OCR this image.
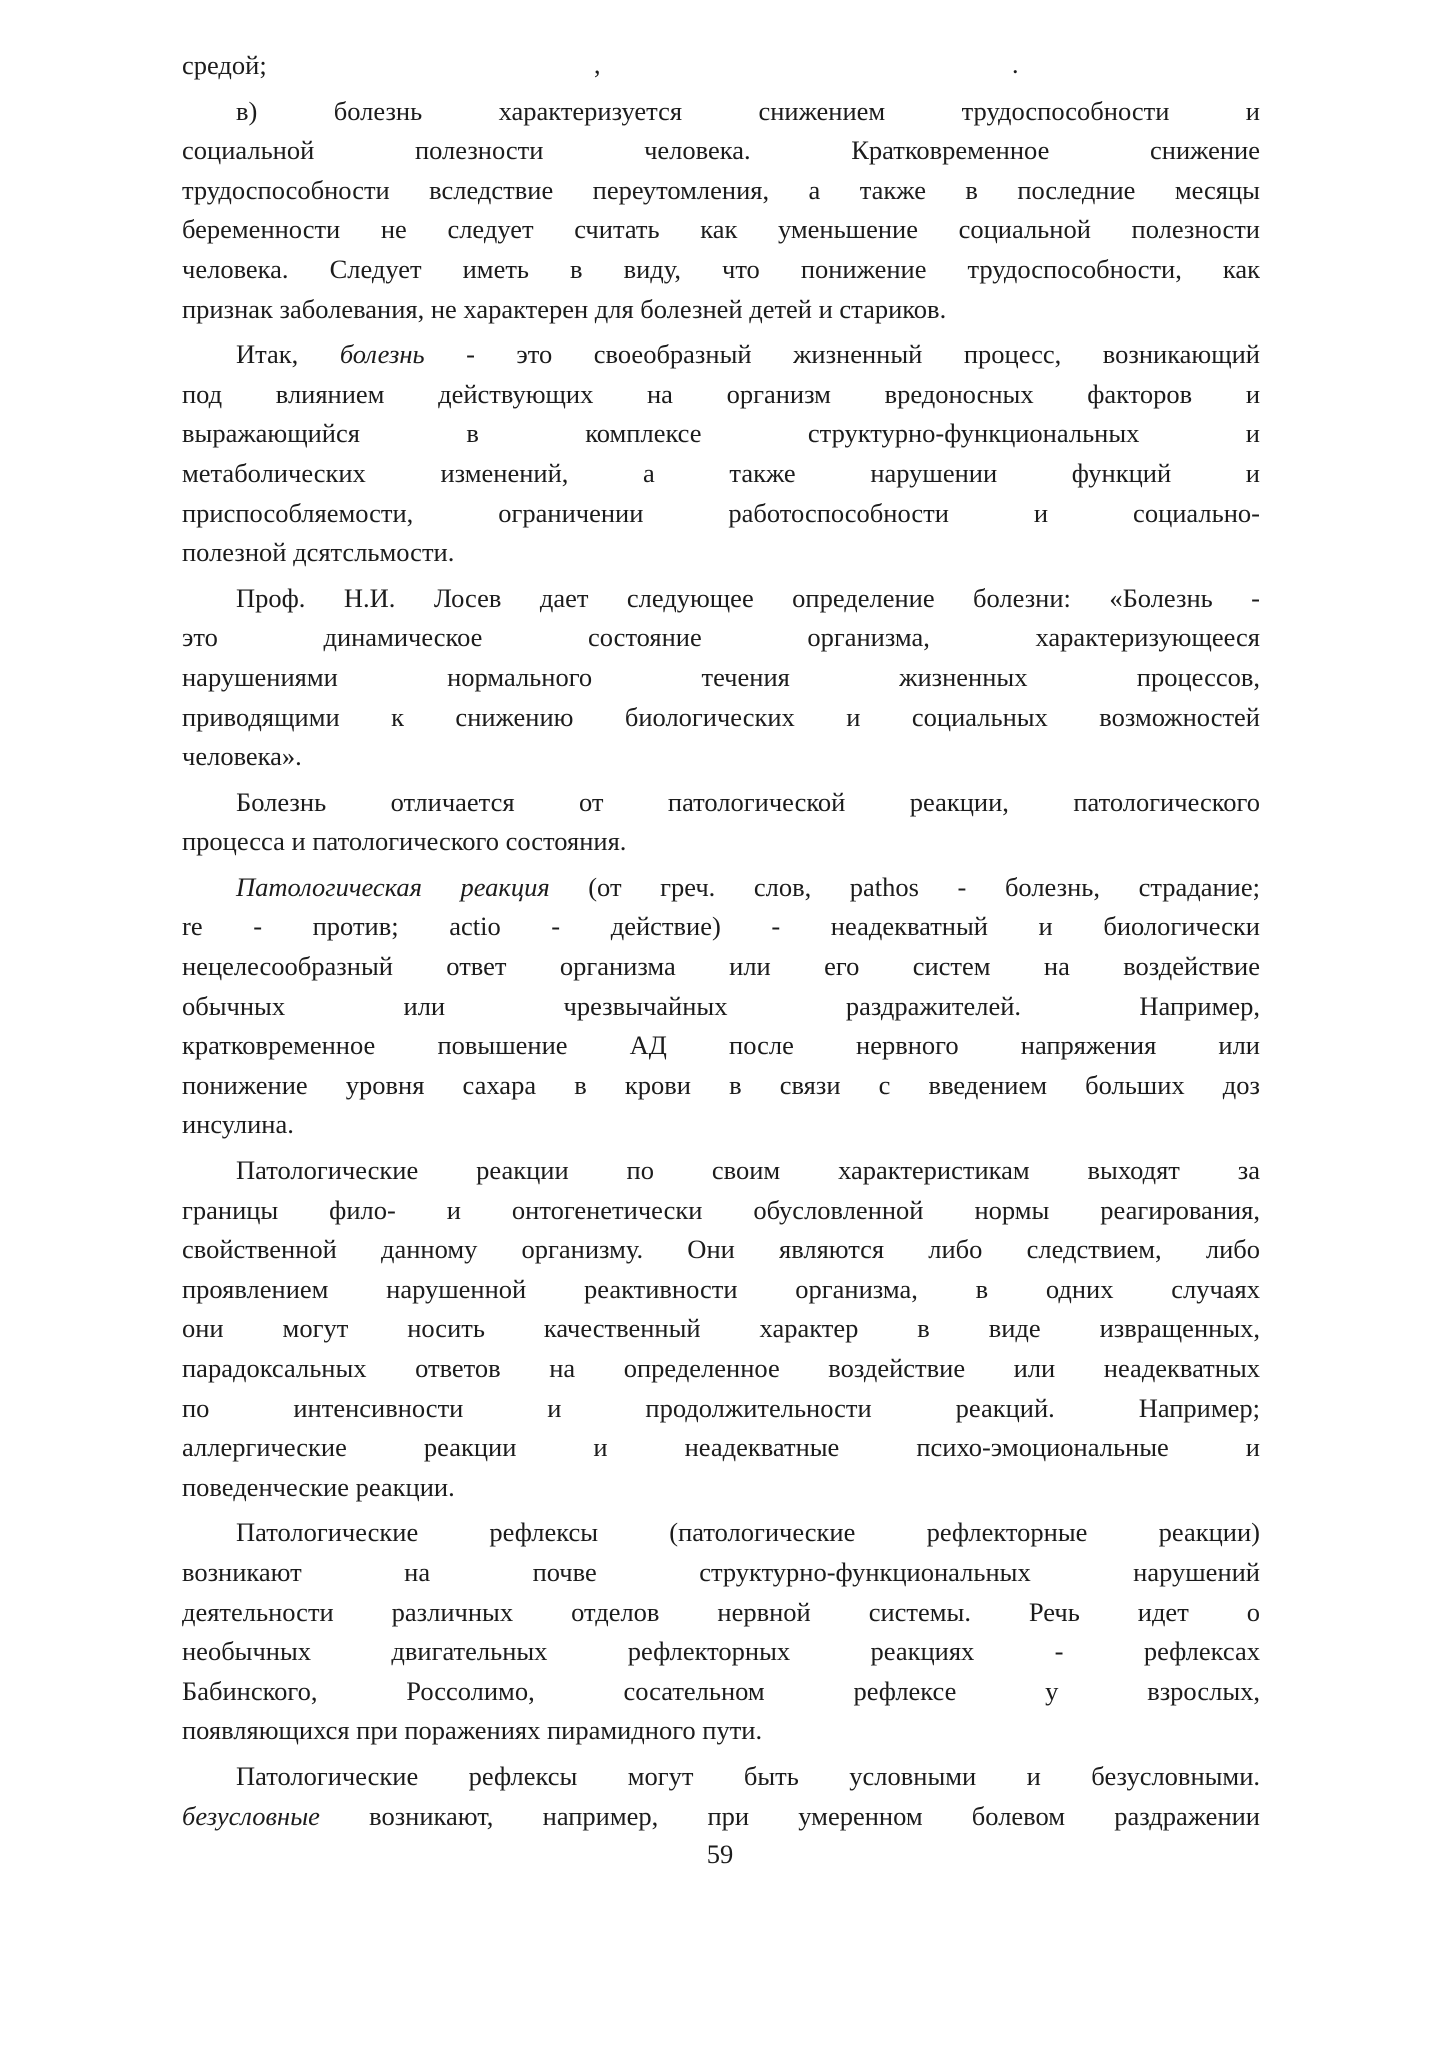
средой;
в) болезнь характеризуется снижением трудоспособности и
социальной полезности человека. Кратковременное снижение
трудоспособности вследствие переутомления, а также в последние месяцы
беременности не следует считать как уменьшение социальной полезности
человека. Следует иметь в виду, что понижение трудоспособности, как
признак заболевания, не характерен для болезней детей и стариков.
Итак, болезнь - это своеобразный жизненный процесс, возникающий
под влиянием действующих на организм вредоносных факторов и
выражающийся в комплексе структурно-функциональных и
метаболических изменений, а также нарушении функций и
приспособляемости, ограничении работоспособности и социально-
полезной дсятсльмости.
Проф. Н.И. Лосев дает следующее определение болезни: «Болезнь -
это динамическое состояние организма, характеризующееся
нарушениями нормального течения жизненных процессов,
приводящими к снижению биологических и социальных возможностей
человека».
Болезнь отличается от патологической реакции, патологического
процесса и патологического состояния.
Патологическая реакция (от греч. слов, pathos - болезнь, страдание;
re - против; actio - действие) - неадекватный и биологически
нецелесообразный ответ организма или его систем на воздействие
обычных или чрезвычайных раздражителей. Например,
кратковременное повышение АД после нервного напряжения или
понижение уровня сахара в крови в связи с введением больших доз
инсулина.
Патологические реакции по своим характеристикам выходят за
границы фило- и онтогенетически обусловленной нормы реагирования,
свойственной данному организму. Они являются либо следствием, либо
проявлением нарушенной реактивности организма, в одних случаях
они могут носить качественный характер в виде извращенных,
парадоксальных ответов на определенное воздействие или неадекватных
по интенсивности и продолжительности реакций. Например;
аллергические реакции и неадекватные психо-эмоциональные и
поведенческие реакции.
Патологические рефлексы (патологические рефлекторные реакции)
возникают на почве структурно-функциональных нарушений
деятельности различных отделов нервной системы. Речь идет о
необычных двигательных рефлекторных реакциях - рефлексах
Бабинского, Россолимо, сосательном рефлексе у взрослых,
появляющихся при поражениях пирамидного пути.
Патологические рефлексы могут быть условными и безусловными.
безусловные возникают, например, при умеренном болевом раздражении
,	.
59
